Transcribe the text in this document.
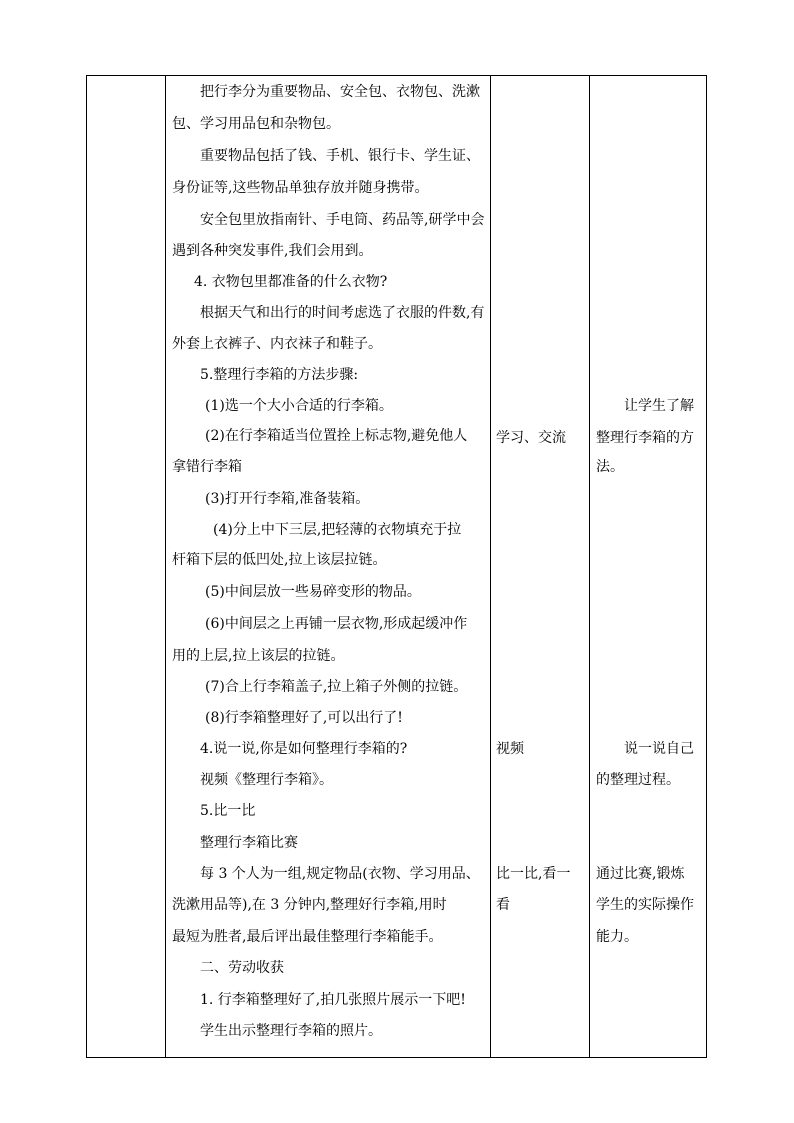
把行李分为重要物品、安全包、衣物包、洗漱
包、学习用品包和杂物包。
重要物品包括了钱、手机、银行卡、学生证、
身份证等,这些物品单独存放并随身携带。
安全包里放指南针、手电筒、药品等,研学中会
遇到各种突发事件,我们会用到。
4. 衣物包里都准备的什么衣物?
根据天气和出行的时间考虑选了衣服的件数,有
外套上衣裤子、内衣袜子和鞋子。
5.整理行李箱的方法步骤:
(1)选一个大小合适的行李箱。
(2)在行李箱适当位置拴上标志物,避免他人
拿错行李箱
(3)打开行李箱,准备装箱。
(4)分上中下三层,把轻薄的衣物填充于拉
杆箱下层的低凹处,拉上该层拉链。
(5)中间层放一些易碎变形的物品。
(6)中间层之上再铺一层衣物,形成起缓冲作
用的上层,拉上该层的拉链。
(7)合上行李箱盖子,拉上箱子外侧的拉链。
(8)行李箱整理好了,可以出行了!
4.说一说,你是如何整理行李箱的?
视频《整理行李箱》。
5.比一比
整理行李箱比赛
每 3 个人为一组,规定物品(衣物、学习用品、
洗漱用品等),在 3 分钟内,整理好行李箱,用时
最短为胜者,最后评出最佳整理行李箱能手。
二、劳动收获
1. 行李箱整理好了,拍几张照片展示一下吧!
学生出示整理行李箱的照片。
学习、交流
视频
比一比,看一
看
让学生了解
整理行李箱的方
法。
说一说自己
的整理过程。
通过比赛,锻炼
学生的实际操作
能力。
